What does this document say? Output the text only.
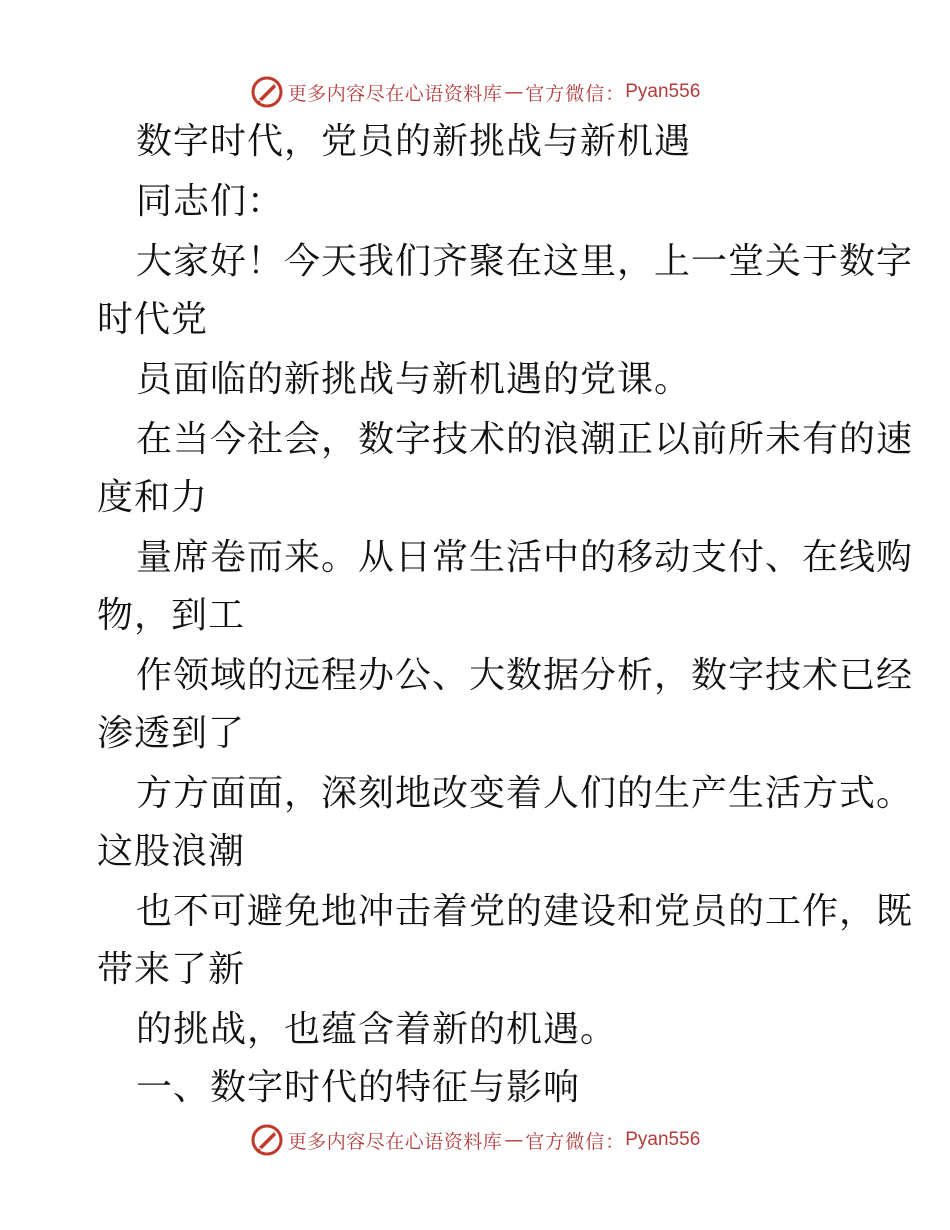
更多内容尽在心语资料库 — 官方微信： Pyan556
数字时代，党员的新挑战与新机遇
同志们：
大家好！今天我们齐聚在这里，上一堂关于数字
时代党
员面临的新挑战与新机遇的党课。
在当今社会，数字技术的浪潮正以前所未有的速
度和力
量席卷而来。从日常生活中的移动支付、在线购
物，到工
作领域的远程办公、大数据分析，数字技术已经
渗透到了
方方面面，深刻地改变着人们的生产生活方式。
这股浪潮
也不可避免地冲击着党的建设和党员的工作，既
带来了新
的挑战，也蕴含着新的机遇。
一、数字时代的特征与影响
更多内容尽在心语资料库 — 官方微信： Pyan556
